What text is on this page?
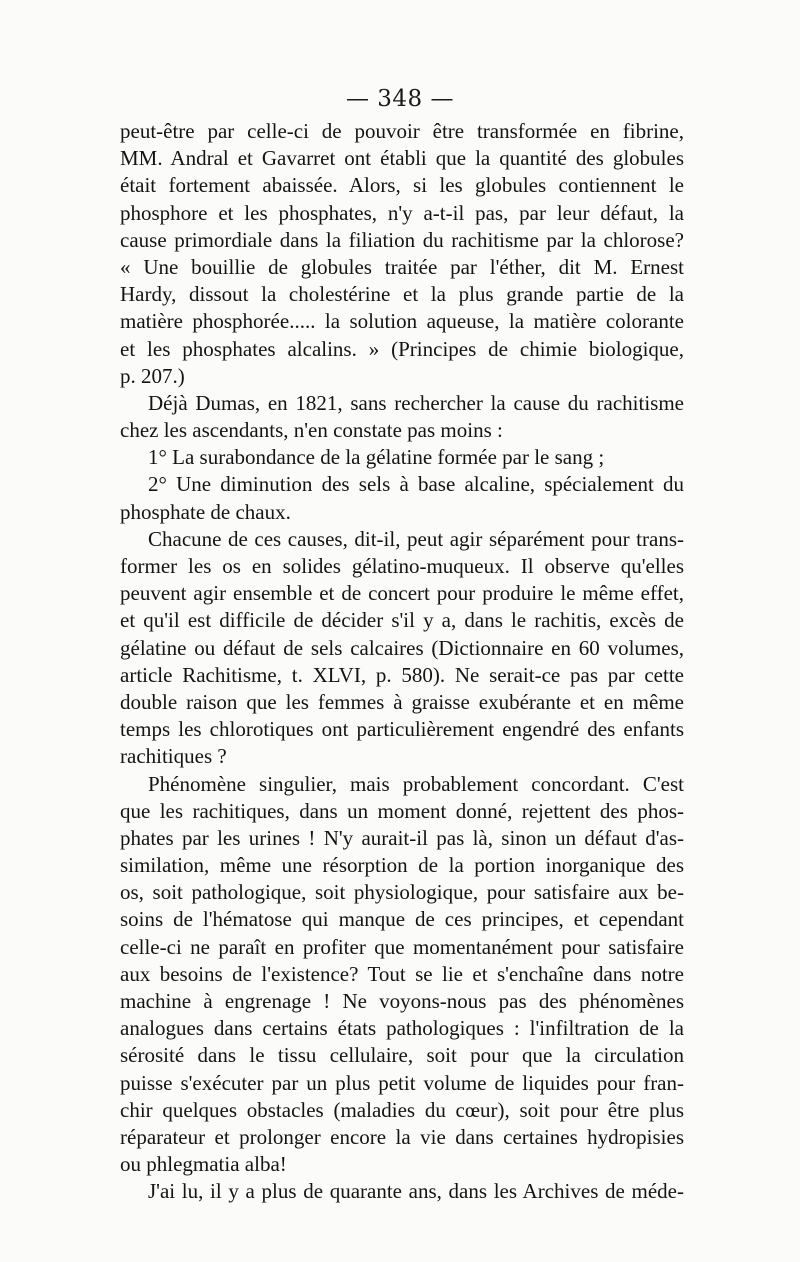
— 348 —
peut-être par celle-ci de pouvoir être transformée en fibrine,
MM. Andral et Gavarret ont établi que la quantité des globules
était fortement abaissée. Alors, si les globules contiennent le
phosphore et les phosphates, n'y a-t-il pas, par leur défaut, la
cause primordiale dans la filiation du rachitisme par la chlorose?
« Une bouillie de globules traitée par l'éther, dit M. Ernest
Hardy, dissout la cholestérine et la plus grande partie de la
matière phosphorée..... la solution aqueuse, la matière colorante
et les phosphates alcalins. » (Principes de chimie biologique,
p. 207.)
Déjà Dumas, en 1821, sans rechercher la cause du rachitisme
chez les ascendants, n'en constate pas moins :
1° La surabondance de la gélatine formée par le sang ;
2° Une diminution des sels à base alcaline, spécialement du
phosphate de chaux.
Chacune de ces causes, dit-il, peut agir séparément pour trans-
former les os en solides gélatino-muqueux. Il observe qu'elles
peuvent agir ensemble et de concert pour produire le même effet,
et qu'il est difficile de décider s'il y a, dans le rachitis, excès de
gélatine ou défaut de sels calcaires (Dictionnaire en 60 volumes,
article Rachitisme, t. XLVI, p. 580). Ne serait-ce pas par cette
double raison que les femmes à graisse exubérante et en même
temps les chlorotiques ont particulièrement engendré des enfants
rachitiques ?
Phénomène singulier, mais probablement concordant. C'est
que les rachitiques, dans un moment donné, rejettent des phos-
phates par les urines ! N'y aurait-il pas là, sinon un défaut d'as-
similation, même une résorption de la portion inorganique des
os, soit pathologique, soit physiologique, pour satisfaire aux be-
soins de l'hématose qui manque de ces principes, et cependant
celle-ci ne paraît en profiter que momentanément pour satisfaire
aux besoins de l'existence? Tout se lie et s'enchaîne dans notre
machine à engrenage ! Ne voyons-nous pas des phénomènes
analogues dans certains états pathologiques : l'infiltration de la
sérosité dans le tissu cellulaire, soit pour que la circulation
puisse s'exécuter par un plus petit volume de liquides pour fran-
chir quelques obstacles (maladies du cœur), soit pour être plus
réparateur et prolonger encore la vie dans certaines hydropisies
ou phlegmatia alba!
J'ai lu, il y a plus de quarante ans, dans les Archives de méde-
